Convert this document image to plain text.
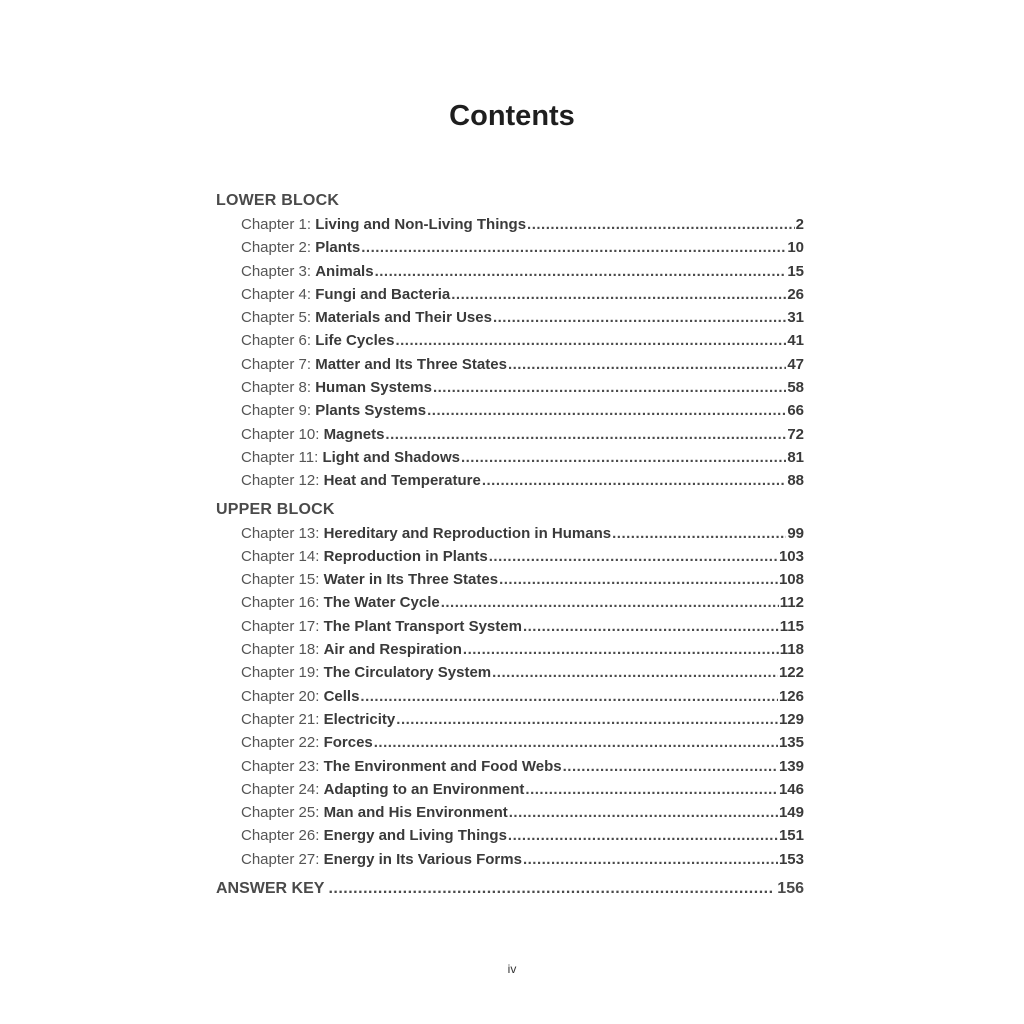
Contents
LOWER BLOCK
Chapter 1: Living and Non-Living Things .....	2
Chapter 2: Plants .....	10
Chapter 3: Animals .....	15
Chapter 4: Fungi and Bacteria .....	26
Chapter 5: Materials and Their Uses .....	31
Chapter 6: Life Cycles .....	41
Chapter 7: Matter and Its Three States .....	47
Chapter 8: Human Systems .....	58
Chapter 9: Plants Systems .....	66
Chapter 10: Magnets .....	72
Chapter 11: Light and Shadows .....	81
Chapter 12: Heat and Temperature .....	88
UPPER BLOCK
Chapter 13: Hereditary and Reproduction in Humans .....	99
Chapter 14: Reproduction in Plants .....	103
Chapter 15: Water in Its Three States .....	108
Chapter 16: The Water Cycle .....	112
Chapter 17: The Plant Transport System .....	115
Chapter 18: Air and Respiration .....	118
Chapter 19: The Circulatory System .....	122
Chapter 20: Cells .....	126
Chapter 21: Electricity .....	129
Chapter 22: Forces .....	135
Chapter 23: The Environment and Food Webs .....	139
Chapter 24: Adapting to an Environment .....	146
Chapter 25: Man and His Environment .....	149
Chapter 26: Energy and Living Things .....	151
Chapter 27: Energy in Its Various Forms .....	153
ANSWER KEY .....	156
iv
